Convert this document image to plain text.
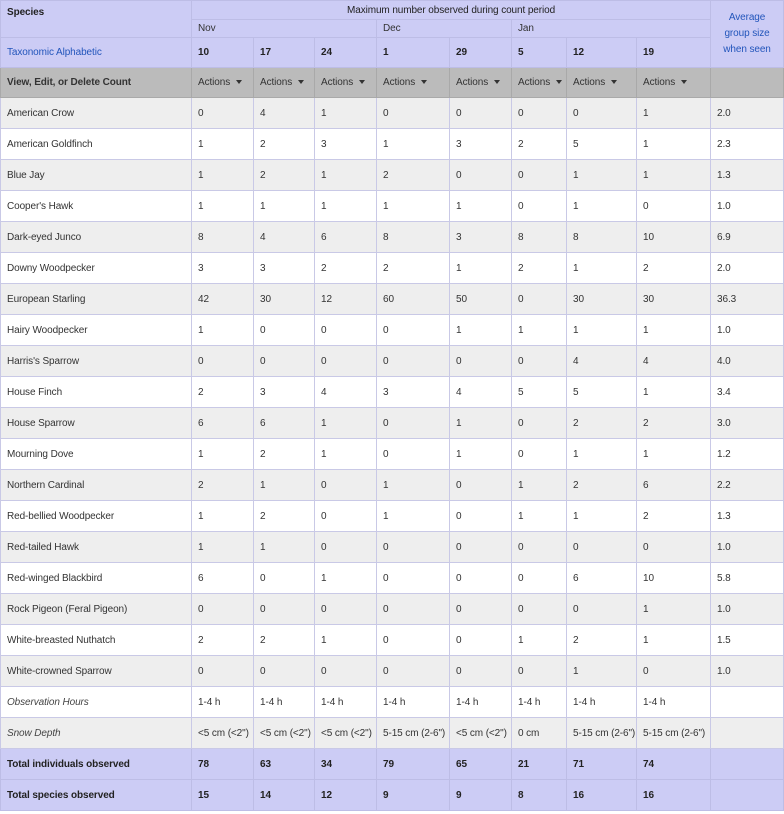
Species	Maximum number observed during count period								Average
group size
when seen
	Nov			Dec		Jan			
Taxonomic Alphabetic	10	17	24	1	29	5	12	19	
View, Edit, or Delete Count	Actions	Actions	Actions	Actions	Actions	Actions	Actions	Actions	
American Crow	0	4	1	0	0	0	0	1	2.0
American Goldfinch	1	2	3	1	3	2	5	1	2.3
Blue Jay	1	2	1	2	0	0	1	1	1.3
Cooper's Hawk	1	1	1	1	1	0	1	0	1.0
Dark-eyed Junco	8	4	6	8	3	8	8	10	6.9
Downy Woodpecker	3	3	2	2	1	2	1	2	2.0
European Starling	42	30	12	60	50	0	30	30	36.3
Hairy Woodpecker	1	0	0	0	1	1	1	1	1.0
Harris's Sparrow	0	0	0	0	0	0	4	4	4.0
House Finch	2	3	4	3	4	5	5	1	3.4
House Sparrow	6	6	1	0	1	0	2	2	3.0
Mourning Dove	1	2	1	0	1	0	1	1	1.2
Northern Cardinal	2	1	0	1	0	1	2	6	2.2
Red-bellied Woodpecker	1	2	0	1	0	1	1	2	1.3
Red-tailed Hawk	1	1	0	0	0	0	0	0	1.0
Red-winged Blackbird	6	0	1	0	0	0	6	10	5.8
Rock Pigeon (Feral Pigeon)	0	0	0	0	0	0	0	1	1.0
White-breasted Nuthatch	2	2	1	0	0	1	2	1	1.5
White-crowned Sparrow	0	0	0	0	0	0	1	0	1.0
Observation Hours	1-4 h	1-4 h	1-4 h	1-4 h	1-4 h	1-4 h	1-4 h	1-4 h	
Snow Depth	<5 cm (<2")	<5 cm (<2")	<5 cm (<2")	5-15 cm (2-6")	<5 cm (<2")	0 cm	5-15 cm (2-6")	5-15 cm (2-6")	
Total individuals observed	78	63	34	79	65	21	71	74	
Total species observed	15	14	12	9	9	8	16	16	
